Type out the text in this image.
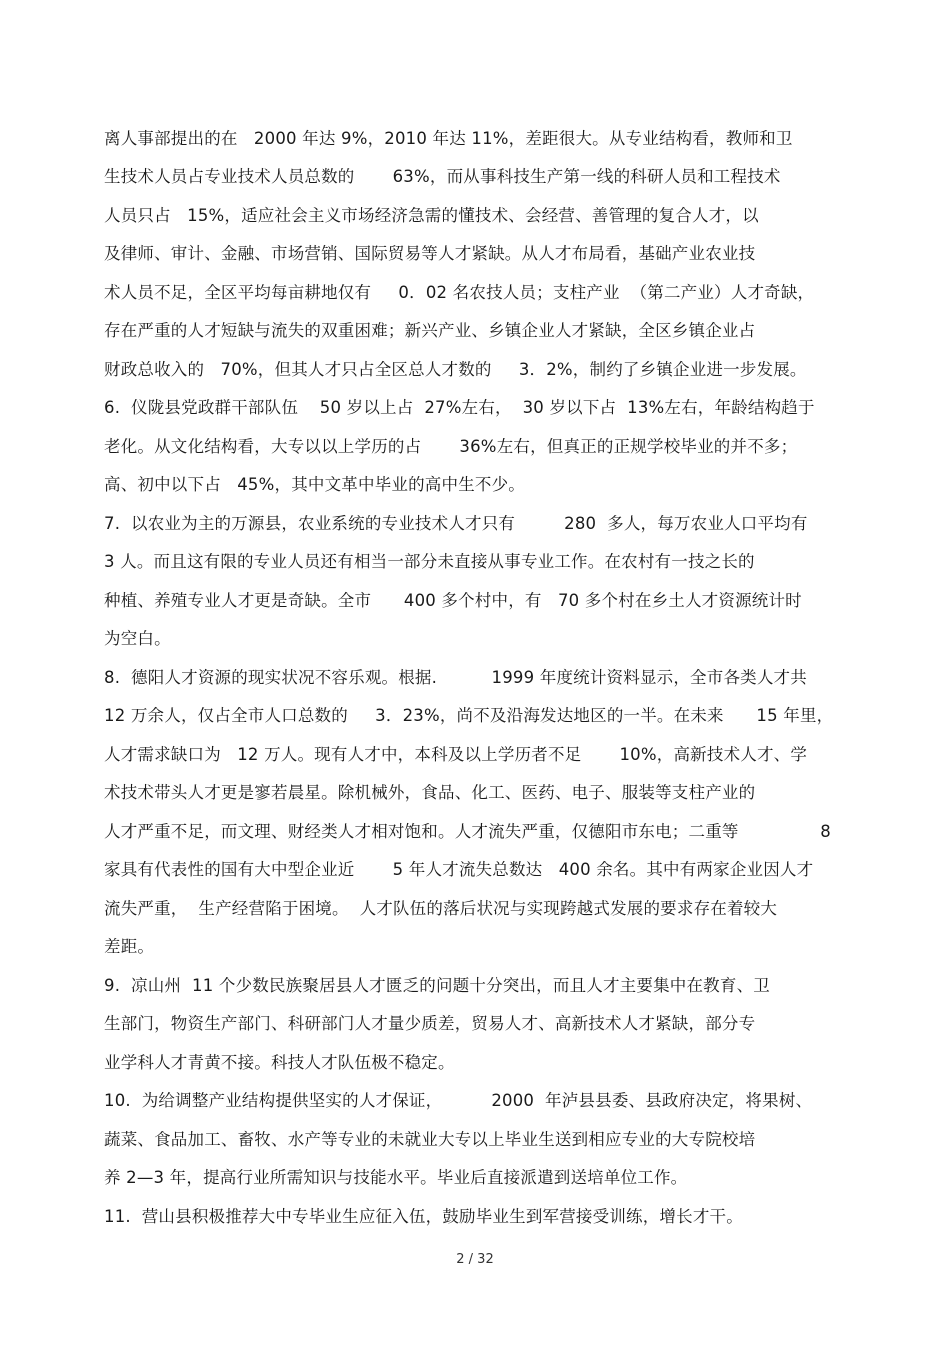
离人事部提出的在   2000 年达 9%，2010 年达 11%，差距很大。从专业结构看，教师和卫
生技术人员占专业技术人员总数的       63%，而从事科技生产第一线的科研人员和工程技术
人员只占   15%，适应社会主义市场经济急需的懂技术、会经营、善管理的复合人才，以
及律师、审计、金融、市场营销、国际贸易等人才紧缺。从人才布局看，基础产业农业技
术人员不足，全区平均每亩耕地仅有     0．02 名农技人员；支柱产业  （第二产业）人才奇缺，
存在严重的人才短缺与流失的双重困难；新兴产业、乡镇企业人才紧缺，全区乡镇企业占
财政总收入的   70%，但其人才只占全区总人才数的     3．2%，制约了乡镇企业进一步发展。
6.  仪陇县党政群干部队伍    50 岁以上占  27%左右，  30 岁以下占  13%左右，年龄结构趋于
老化。从文化结构看，大专以以上学历的占       36%左右，但真正的正规学校毕业的并不多；
高、初中以下占   45%，其中文革中毕业的高中生不少。
7.  以农业为主的万源县，农业系统的专业技术人才只有         280  多人，每万农业人口平均有
3 人。而且这有限的专业人员还有相当一部分未直接从事专业工作。在农村有一技之长的
种植、养殖专业人才更是奇缺。全市      400 多个村中，有   70 多个村在乡土人才资源统计时
为空白。
8.  德阳人才资源的现实状况不容乐观。根据.          1999 年度统计资料显示，全市各类人才共
12 万余人，仅占全市人口总数的     3．23%，尚不及沿海发达地区的一半。在未来      15 年里，
人才需求缺口为   12 万人。现有人才中，本科及以上学历者不足       10%，高新技术人才、学
术技术带头人才更是寥若晨星。除机械外，食品、化工、医药、电子、服装等支柱产业的
人才严重不足，而文理、财经类人才相对饱和。人才流失严重，仅德阳市东电；二重等               8
家具有代表性的国有大中型企业近       5 年人才流失总数达   400 余名。其中有两家企业因人才
流失严重，  生产经营陷于困境。  人才队伍的落后状况与实现跨越式发展的要求存在着较大
差距。
9.  凉山州  11 个少数民族聚居县人才匮乏的问题十分突出，而且人才主要集中在教育、卫
生部门，物资生产部门、科研部门人才量少质差，贸易人才、高新技术人才紧缺，部分专
业学科人才青黄不接。科技人才队伍极不稳定。
10.  为给调整产业结构提供坚实的人才保证，         2000  年泸县县委、县政府决定，将果树、
蔬菜、食品加工、畜牧、水产等专业的未就业大专以上毕业生送到相应专业的大专院校培
养 2—3 年，提高行业所需知识与技能水平。毕业后直接派遣到送培单位工作。
11.  营山县积极推荐大中专毕业生应征入伍，鼓励毕业生到军营接受训练，增长才干。
2 / 32
